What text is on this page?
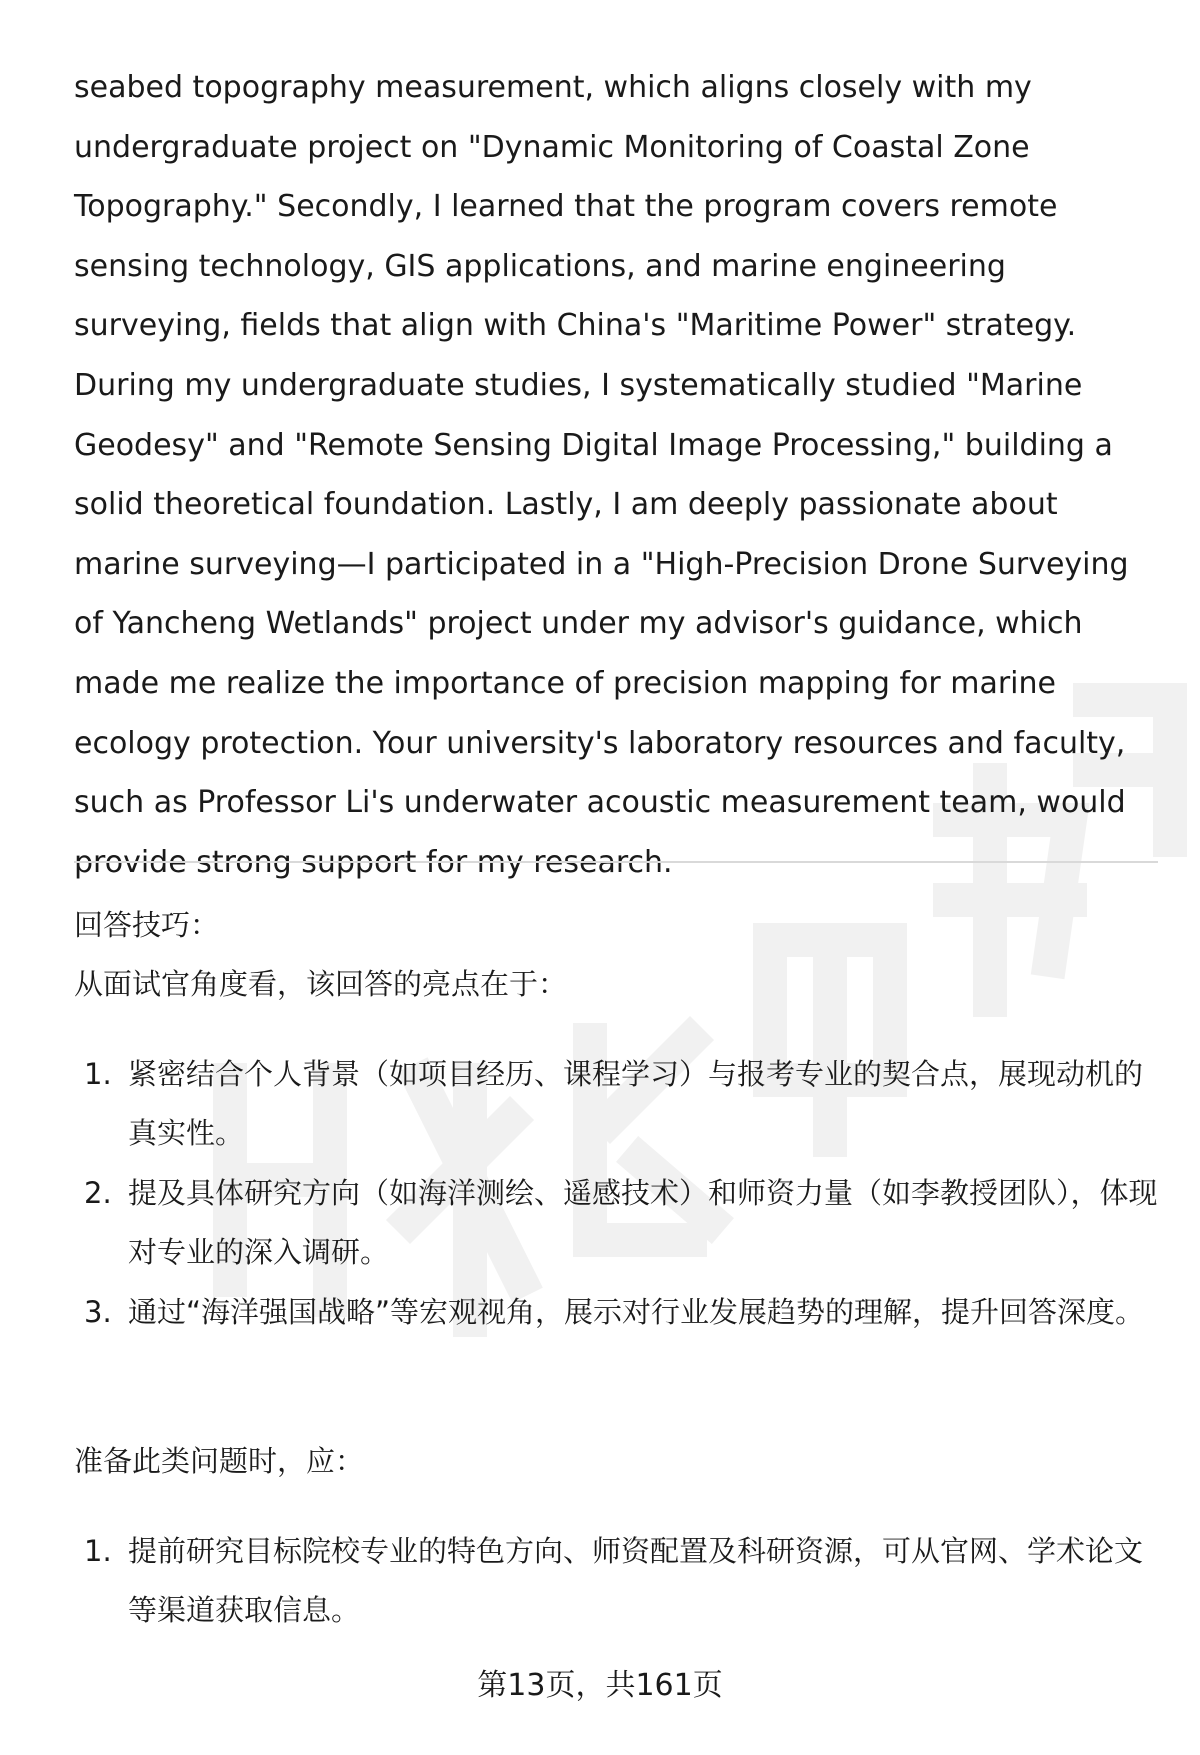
seabed topography measurement, which aligns closely with my undergraduate project on "Dynamic Monitoring of Coastal Zone Topography." Secondly, I learned that the program covers remote sensing technology, GIS applications, and marine engineering surveying, fields that align with China's "Maritime Power" strategy. During my undergraduate studies, I systematically studied "Marine Geodesy" and "Remote Sensing Digital Image Processing," building a solid theoretical foundation. Lastly, I am deeply passionate about marine surveying—I participated in a "High-Precision Drone Surveying of Yancheng Wetlands" project under my advisor's guidance, which made me realize the importance of precision mapping for marine ecology protection. Your university's laboratory resources and faculty, such as Professor Li's underwater acoustic measurement team, would provide strong support for my research.
回答技巧：
从面试官角度看，该回答的亮点在于：
1. 紧密结合个人背景（如项目经历、课程学习）与报考专业的契合点，展现动机的真实性。
2. 提及具体研究方向（如海洋测绘、遥感技术）和师资力量（如李教授团队），体现对专业的深入调研。
3. 通过“海洋强国战略”等宏观视角，展示对行业发展趋势的理解，提升回答深度。
准备此类问题时，应：
1. 提前研究目标院校专业的特色方向、师资配置及科研资源，可从官网、学术论文等渠道获取信息。
第13页，共161页
